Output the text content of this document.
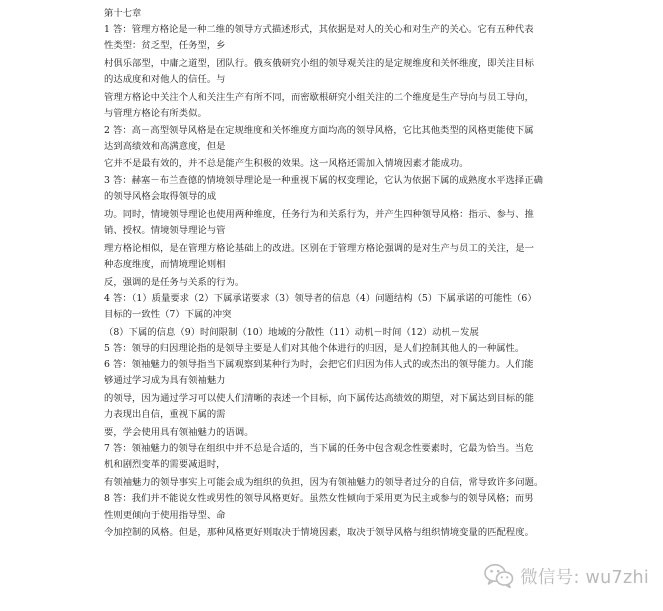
第十七章
1 答：管理方格论是一种二维的领导方式描述形式，其依据是对人的关心和对生产的关心。它有五种代表
性类型：贫乏型，任务型，乡
村俱乐部型，中庸之道型，团队行。俄亥俄研究小组的领导观关注的是定规维度和关怀维度，即关注目标
的达成度和对他人的信任。与
管理方格论中关注个人和关注生产有所不同，而密歇根研究小组关注的二个维度是生产导向与员工导向，
与管理方格论有所类似。
2 答：高－高型领导风格是在定规维度和关怀维度方面均高的领导风格，它比其他类型的风格更能使下属
达到高绩效和高满意度，但是
它并不是最有效的，并不总是能产生积极的效果。这一风格还需加入情境因素才能成功。
3 答：赫塞－布兰查德的情境领导理论是一种重视下属的权变理论，它认为依据下属的成熟度水平选择正确
的领导风格会取得领导的成
功。同时，情境领导理论也使用两种维度，任务行为和关系行为，并产生四种领导风格：指示、参与、推
销、授权。情境领导理论与管
理方格论相似，是在管理方格论基础上的改进。区别在于管理方格论强调的是对生产与员工的关注，是一
种态度维度，而情境理论则相
反，强调的是任务与关系的行为。
4 答：（1）质量要求（2）下属承诺要求（3）领导者的信息（4）问题结构（5）下属承诺的可能性（6）
目标的一致性（7）下属的冲突
（8）下属的信息（9）时间限制（10）地域的分散性（11）动机－时间（12）动机－发展
5 答：领导的归因理论指的是领导主要是人们对其他个体进行的归因，是人们控制其他人的一种属性。
6 答：领袖魅力的领导指当下属观察到某种行为时，会把它们归因为伟人式的或杰出的领导能力。人们能
够通过学习成为具有领袖魅力
的领导，因为通过学习可以使人们清晰的表述一个目标，向下属传达高绩效的期望，对下属达到目标的能
力表现出自信，重视下属的需
要，学会使用具有领袖魅力的语调。
7 答：领袖魅力的领导在组织中并不总是合适的，当下属的任务中包含观念性要素时，它最为恰当。当危
机和剧烈变革的需要减退时，
有领袖魅力的领导事实上可能会成为组织的负担，因为有领袖魅力的领导者过分的自信，常导致许多问题。
8 答：我们并不能说女性或男性的领导风格更好。虽然女性倾向于采用更为民主或参与的领导风格；而男
性则更倾向于使用指导型、命
令加控制的风格。但是，那种风格更好则取决于情境因素，取决于领导风格与组织情境变量的匹配程度。
微信号: wu7zhi
